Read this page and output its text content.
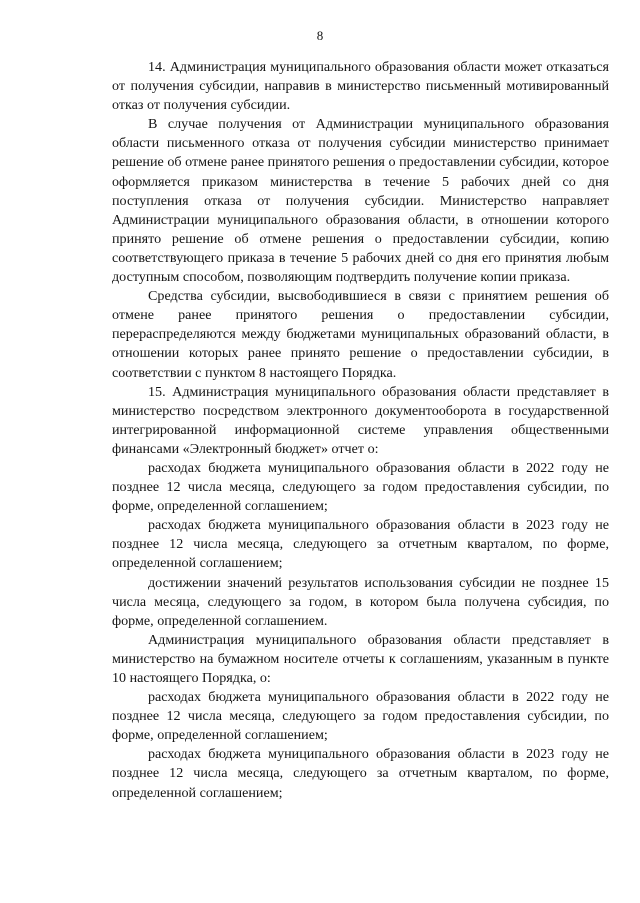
8

14. Администрация муниципального образования области может отказаться от получения субсидии, направив в министерство письменный мотивированный отказ от получения субсидии.

В случае получения от Администрации муниципального образования области письменного отказа от получения субсидии министерство принимает решение об отмене ранее принятого решения о предоставлении субсидии, которое оформляется приказом министерства в течение 5 рабочих дней со дня поступления отказа от получения субсидии. Министерство направляет Администрации муниципального образования области, в отношении которого принято решение об отмене решения о предоставлении субсидии, копию соответствующего приказа в течение 5 рабочих дней со дня его принятия любым доступным способом, позволяющим подтвердить получение копии приказа.

Средства субсидии, высвободившиеся в связи с принятием решения об отмене ранее принятого решения о предоставлении субсидии, перераспределяются между бюджетами муниципальных образований области, в отношении которых ранее принято решение о предоставлении субсидии, в соответствии с пунктом 8 настоящего Порядка.

15. Администрация муниципального образования области представляет в министерство посредством электронного документооборота в государственной интегрированной информационной системе управления общественными финансами «Электронный бюджет» отчет о:

расходах бюджета муниципального образования области в 2022 году не позднее 12 числа месяца, следующего за годом предоставления субсидии, по форме, определенной соглашением;

расходах бюджета муниципального образования области в 2023 году не позднее 12 числа месяца, следующего за отчетным кварталом, по форме, определенной соглашением;

достижении значений результатов использования субсидии не позднее 15 числа месяца, следующего за годом, в котором была получена субсидия, по форме, определенной соглашением.

Администрация муниципального образования области представляет в министерство на бумажном носителе отчеты к соглашениям, указанным в пункте 10 настоящего Порядка, о:

расходах бюджета муниципального образования области в 2022 году не позднее 12 числа месяца, следующего за годом предоставления субсидии, по форме, определенной соглашением;

расходах бюджета муниципального образования области в 2023 году не позднее 12 числа месяца, следующего за отчетным кварталом, по форме, определенной соглашением;
